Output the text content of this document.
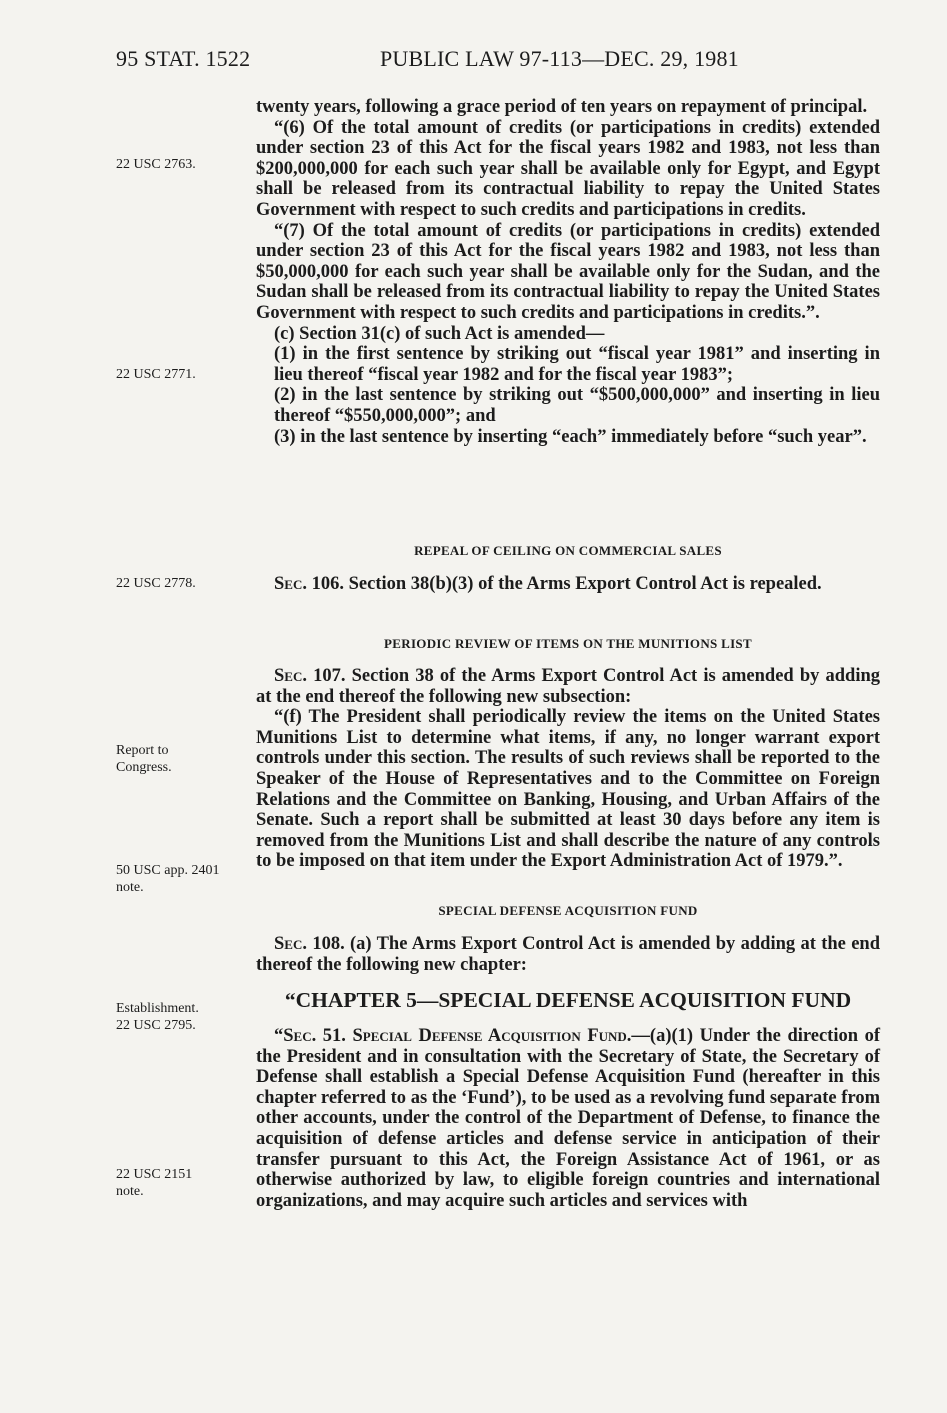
95 STAT. 1522	PUBLIC LAW 97-113—DEC. 29, 1981
22 USC 2763.
22 USC 2771.
22 USC 2778.
Report to
Congress.
50 USC app. 2401
note.
Establishment.
22 USC 2795.
22 USC 2151
note.

twenty years, following a grace period of ten years on repayment of principal.

“(6) Of the total amount of credits (or participations in credits) extended under section 23 of this Act for the fiscal years 1982 and 1983, not less than $200,000,000 for each such year shall be available only for Egypt, and Egypt shall be released from its contractual liability to repay the United States Government with respect to such credits and participations in credits.

“(7) Of the total amount of credits (or participations in credits) extended under section 23 of this Act for the fiscal years 1982 and 1983, not less than $50,000,000 for each such year shall be available only for the Sudan, and the Sudan shall be released from its contractual liability to repay the United States Government with respect to such credits and participations in credits.”.

(c) Section 31(c) of such Act is amended—

(1) in the first sentence by striking out “fiscal year 1981” and inserting in lieu thereof “fiscal year 1982 and for the fiscal year 1983”;

(2) in the last sentence by striking out “$500,000,000” and inserting in lieu thereof “$550,000,000”; and

(3) in the last sentence by inserting “each” immediately before “such year”.

REPEAL OF CEILING ON COMMERCIAL SALES

Sec. 106. Section 38(b)(3) of the Arms Export Control Act is repealed.

PERIODIC REVIEW OF ITEMS ON THE MUNITIONS LIST

Sec. 107. Section 38 of the Arms Export Control Act is amended by adding at the end thereof the following new subsection:

“(f) The President shall periodically review the items on the United States Munitions List to determine what items, if any, no longer warrant export controls under this section. The results of such reviews shall be reported to the Speaker of the House of Representatives and to the Committee on Foreign Relations and the Committee on Banking, Housing, and Urban Affairs of the Senate. Such a report shall be submitted at least 30 days before any item is removed from the Munitions List and shall describe the nature of any controls to be imposed on that item under the Export Administration Act of 1979.”.

SPECIAL DEFENSE ACQUISITION FUND

Sec. 108. (a) The Arms Export Control Act is amended by adding at the end thereof the following new chapter:

“CHAPTER 5—SPECIAL DEFENSE ACQUISITION FUND

“Sec. 51. Special Defense Acquisition Fund.—(a)(1) Under the direction of the President and in consultation with the Secretary of State, the Secretary of Defense shall establish a Special Defense Acquisition Fund (hereafter in this chapter referred to as the ‘Fund’), to be used as a revolving fund separate from other accounts, under the control of the Department of Defense, to finance the acquisition of defense articles and defense service in anticipation of their transfer pursuant to this Act, the Foreign Assistance Act of 1961, or as otherwise authorized by law, to eligible foreign countries and international organizations, and may acquire such articles and services with
